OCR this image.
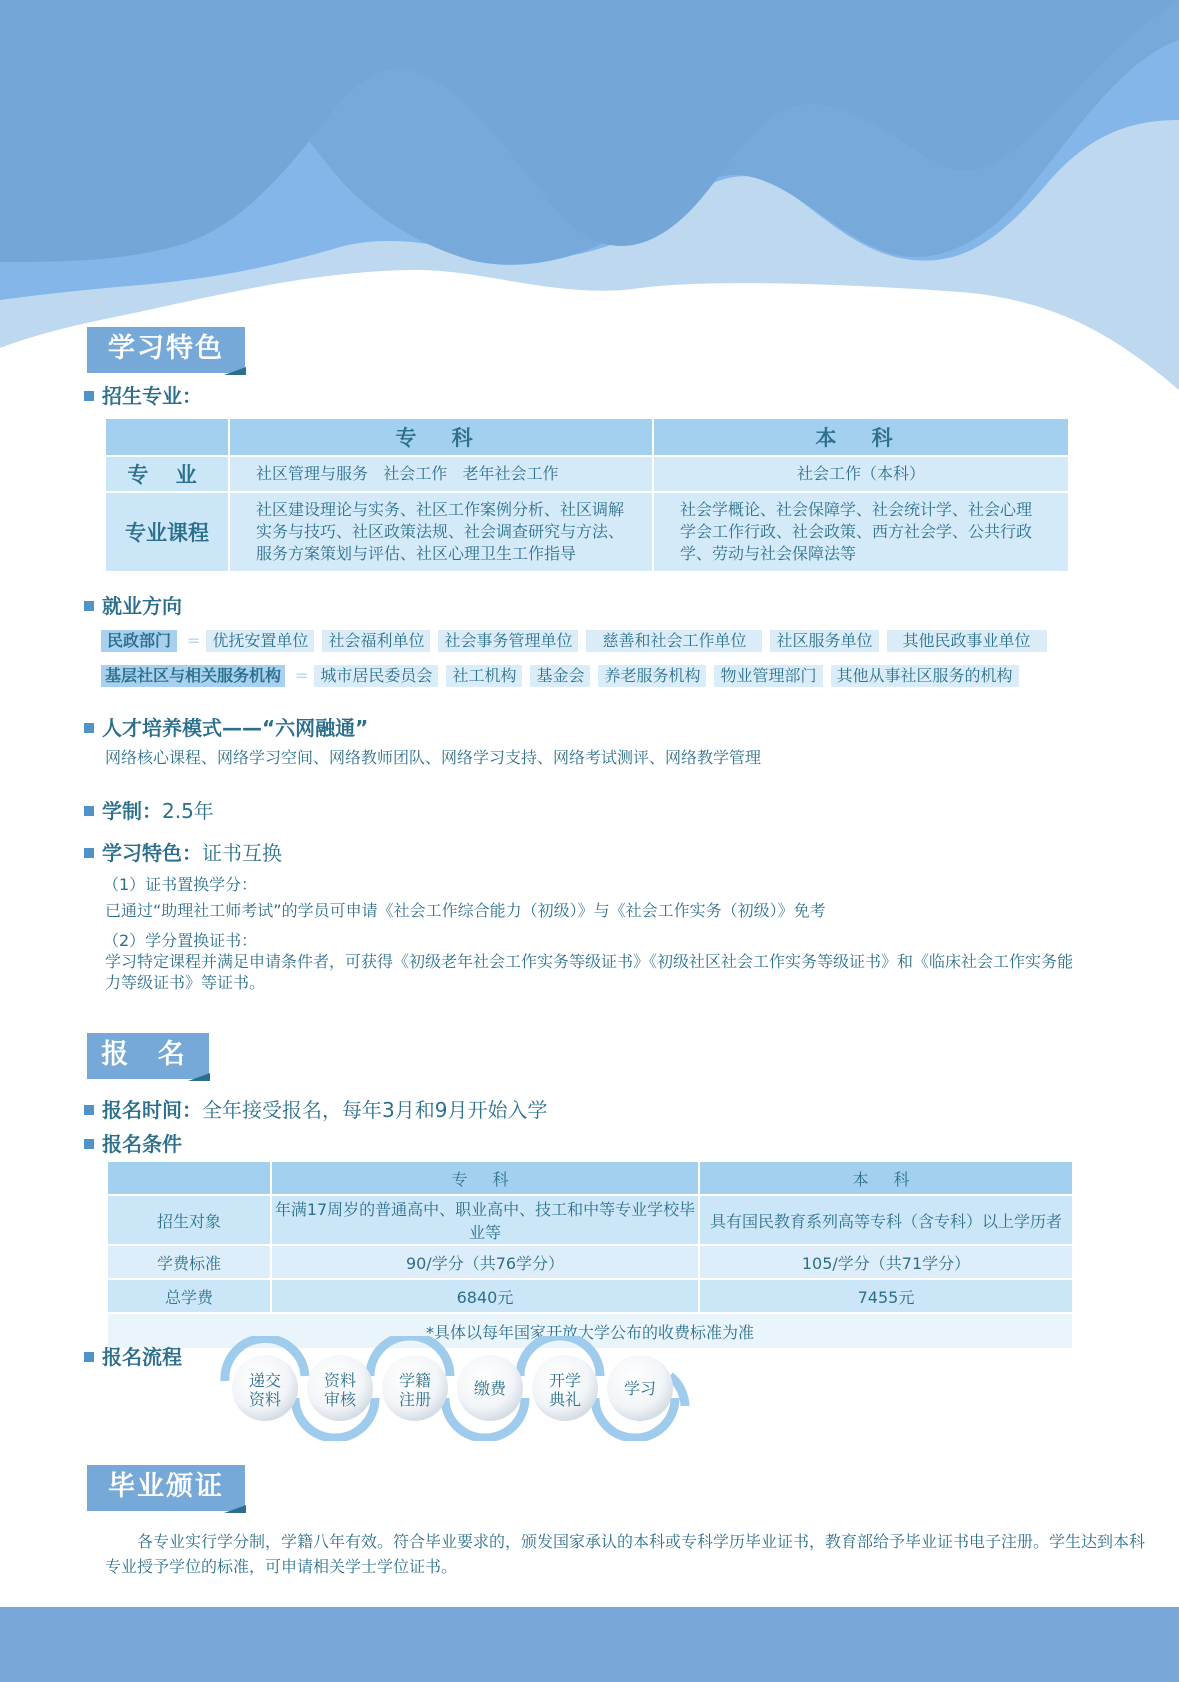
学习特色
招生专业：
	专 科	本 科
专 业	社区管理与服务   社会工作   老年社会工作	社会工作（本科）
专业课程	社区建设理论与实务、社区工作案例分析、社区调解实务与技巧、社区政策法规、社会调查研究与方法、服务方案策划与评估、社区心理卫生工作指导	社会学概论、社会保障学、社会统计学、社会心理学会工作行政、社会政策、西方社会学、公共行政学、劳动与社会保障法等
就业方向
民政部门 = 优抚安置单位 社会福利单位 社会事务管理单位 慈善和社会工作单位 社区服务单位 其他民政事业单位
基层社区与相关服务机构 = 城市居民委员会 社工机构 基金会 养老服务机构 物业管理部门 其他从事社区服务的机构
人才培养模式——“六网融通”
网络核心课程、网络学习空间、网络教师团队、网络学习支持、网络考试测评、网络教学管理
学制：2.5年
学习特色：证书互换
（1）证书置换学分：
已通过“助理社工师考试”的学员可申请《社会工作综合能力（初级）》与《社会工作实务（初级）》免考
（2）学分置换证书：
学习特定课程并满足申请条件者，可获得《初级老年社会工作实务等级证书》《初级社区社会工作实务等级证书》和《临床社会工作实务能力等级证书》等证书。
报 名
报名时间：全年接受报名，每年3月和9月开始入学
报名条件
	专 科	本 科
招生对象	年满17周岁的普通高中、职业高中、技工和中等专业学校毕业等	具有国民教育系列高等专科（含专科）以上学历者
学费标准	90/学分（共76学分）	105/学分（共71学分）
总学费	6840元	7455元
*具体以每年国家开放大学公布的收费标准为准		
报名流程
递交
资料
资料
审核
学籍
注册
缴费	开学
典礼
学习
毕业颁证
各专业实行学分制，学籍八年有效。符合毕业要求的，颁发国家承认的本科或专科学历毕业证书，教育部给予毕业证书电子注册。学生达到本科专业授予学位的标准，可申请相关学士学位证书。
